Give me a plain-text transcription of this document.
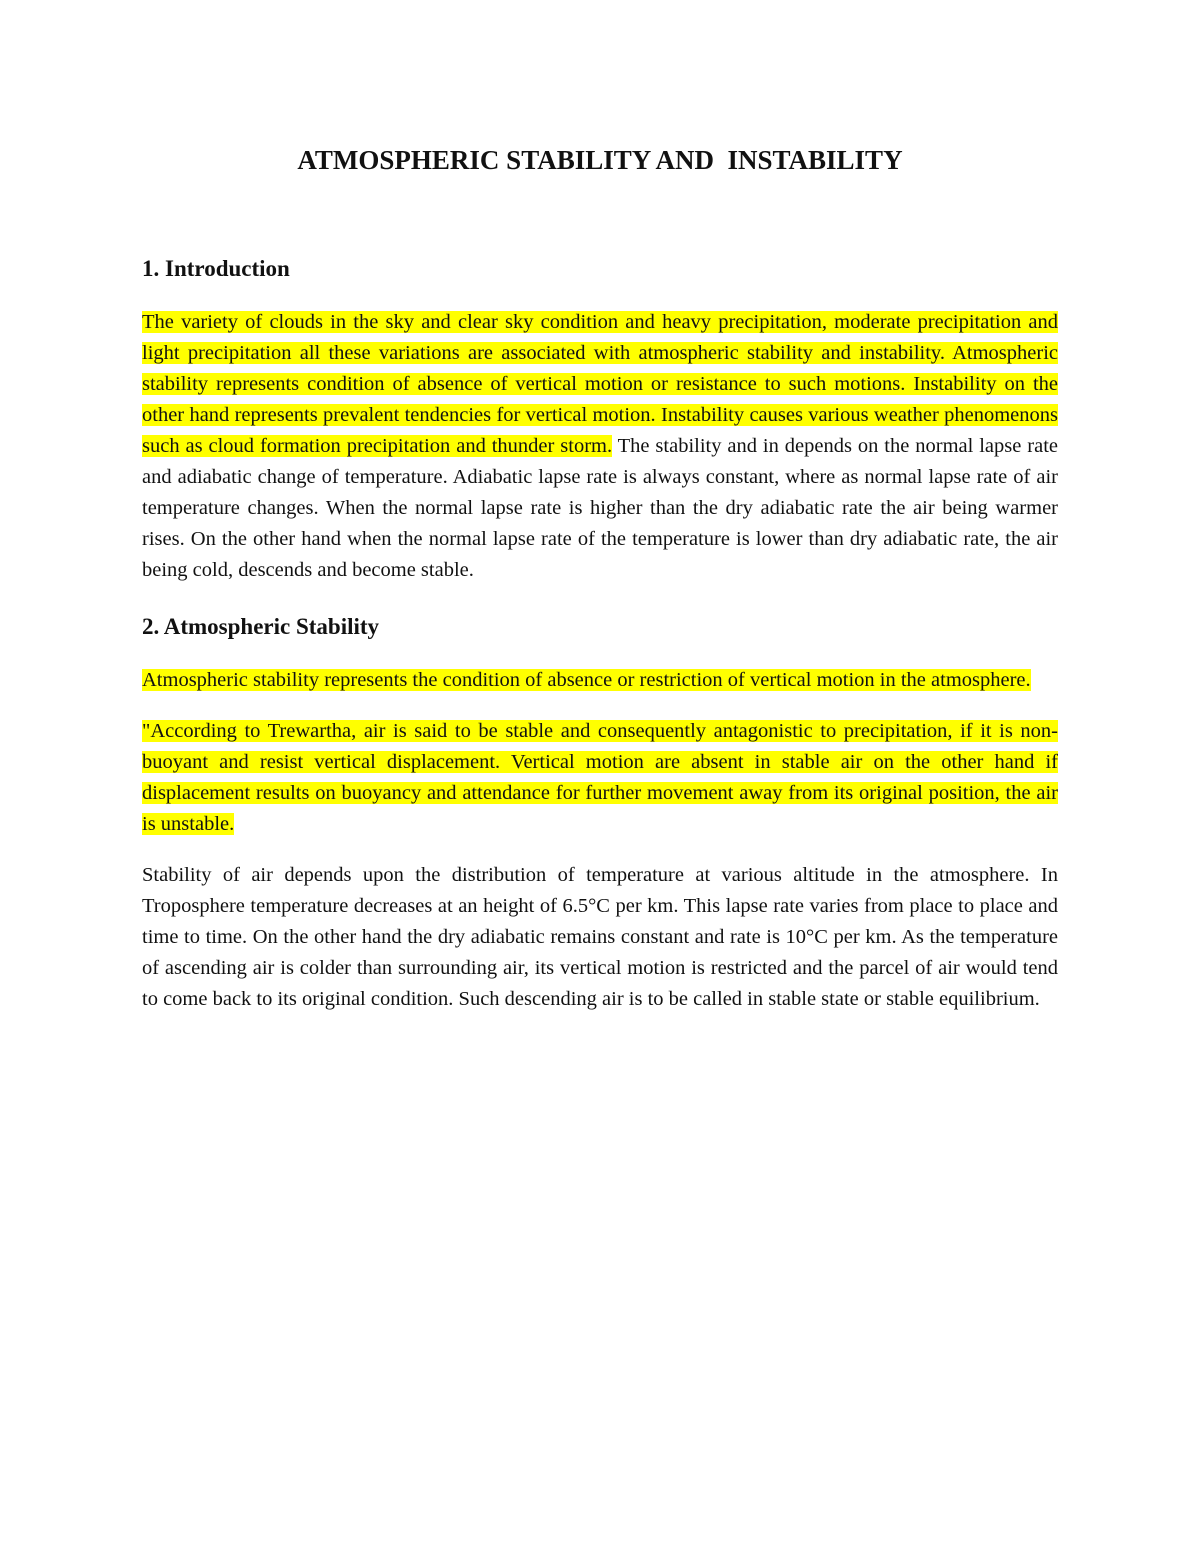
ATMOSPHERIC STABILITY AND  INSTABILITY
1. Introduction

The variety of clouds in the sky and clear sky condition and heavy precipitation, moderate precipitation and light precipitation all these variations are associated with atmospheric stability and instability. Atmospheric stability represents condition of absence of vertical motion or resistance to such motions. Instability on the other hand represents prevalent tendencies for vertical motion. Instability causes various weather phenomenons such as cloud formation precipitation and thunder storm. The stability and in depends on the normal lapse rate and adiabatic change of temperature. Adiabatic lapse rate is always constant, where as normal lapse rate of air temperature changes. When the normal lapse rate is higher than the dry adiabatic rate the air being warmer rises. On the other hand when the normal lapse rate of the temperature is lower than dry adiabatic rate, the air being cold, descends and become stable.

2. Atmospheric Stability

Atmospheric stability represents the condition of absence or restriction of vertical motion in the atmosphere.

"According to Trewartha, air is said to be stable and consequently antagonistic to precipitation, if it is non-buoyant and resist vertical displacement. Vertical motion are absent in stable air on the other hand if displacement results on buoyancy and attendance for further movement away from its original position, the air is unstable.

Stability of air depends upon the distribution of temperature at various altitude in the atmosphere. In Troposphere temperature decreases at an height of 6.5°C per km. This lapse rate varies from place to place and time to time. On the other hand the dry adiabatic remains constant and rate is 10°C per km. As the temperature of ascending air is colder than surrounding air, its vertical motion is restricted and the parcel of air would tend to come back to its original condition. Such descending air is to be called in stable state or stable equilibrium.
